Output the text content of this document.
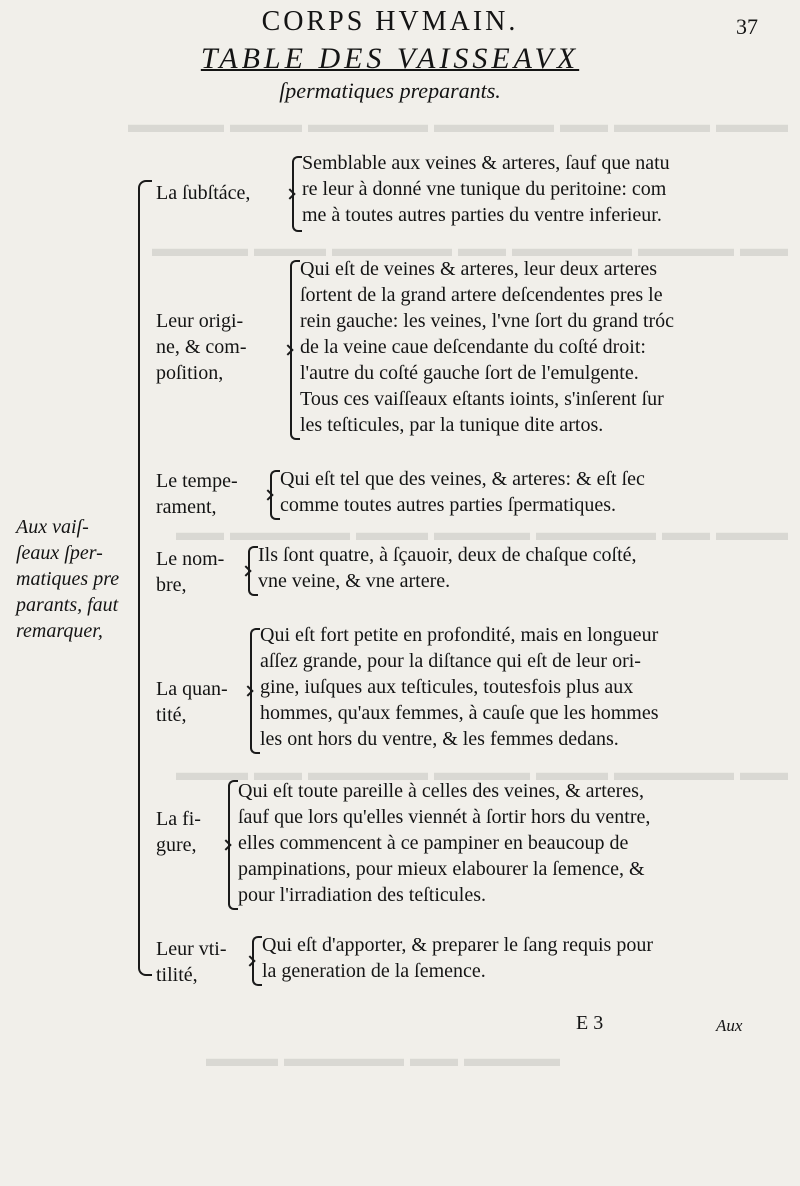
​▬▬▬ ▬▬▬▬ ▬▬ ▬▬▬▬▬ ▬▬▬▬▬ ▬▬▬ ▬▬▬▬
▬▬ ▬▬▬▬ ▬▬▬▬▬ ▬▬ ▬▬▬▬▬ ▬▬▬ ▬▬▬▬
▬▬▬ ▬▬ ▬▬▬▬▬ ▬▬▬▬ ▬▬▬ ▬▬▬▬▬ ▬▬
▬▬ ▬▬▬▬▬ ▬▬▬ ▬▬▬▬ ▬▬▬▬▬ ▬▬ ▬▬▬
▬▬▬▬ ▬▬ ▬▬▬▬▬ ▬▬▬
CORPS HVMAIN.	37
TABLE DES VAISSEAVX
ſpermatiques preparants.
Aux vaiſ-
ſeaux ſper-
matiques pre
parants, faut
remarquer,
La ſubſtáce,
Semblable aux veines & arteres, ſauf que natu
re leur à donné vne tunique du peritoine: com
me à toutes autres parties du ventre inferieur.
Leur origi-
ne, & com-
poſition,
Qui eſt de veines & arteres, leur deux arteres
ſortent de la grand artere deſcendentes pres le
rein gauche: les veines, l'vne ſort du grand tróc
de la veine caue deſcendante du coſté droit:
l'autre du coſté gauche ſort de l'emulgente.
Tous ces vaiſſeaux eſtants ioints, s'inſerent ſur
les teſticules, par la tunique dite artos.
Le tempe-
rament,
Qui eſt tel que des veines, & arteres: & eſt ſec
comme toutes autres parties ſpermatiques.
Le nom-
bre,
Ils ſont quatre, à ſçauoir, deux de chaſque coſté,
vne veine, & vne artere.
La quan-
tité,
Qui eſt fort petite en profondité, mais en longueur
aſſez grande, pour la diſtance qui eſt de leur ori-
gine, iuſques aux teſticules, toutesfois plus aux
hommes, qu'aux femmes, à cauſe que les hommes
les ont hors du ventre, & les femmes dedans.
La fi-
gure,
Qui eſt toute pareille à celles des veines, & arteres,
ſauf que lors qu'elles viennét à ſortir hors du ventre,
elles commencent à ce pampiner en beaucoup de
pampinations, pour mieux elabourer la ſemence, &
pour l'irradiation des teſticules.
Leur vti-
tilité,
Qui eſt d'apporter, & preparer le ſang requis pour
la generation de la ſemence.
E 3	Aux
